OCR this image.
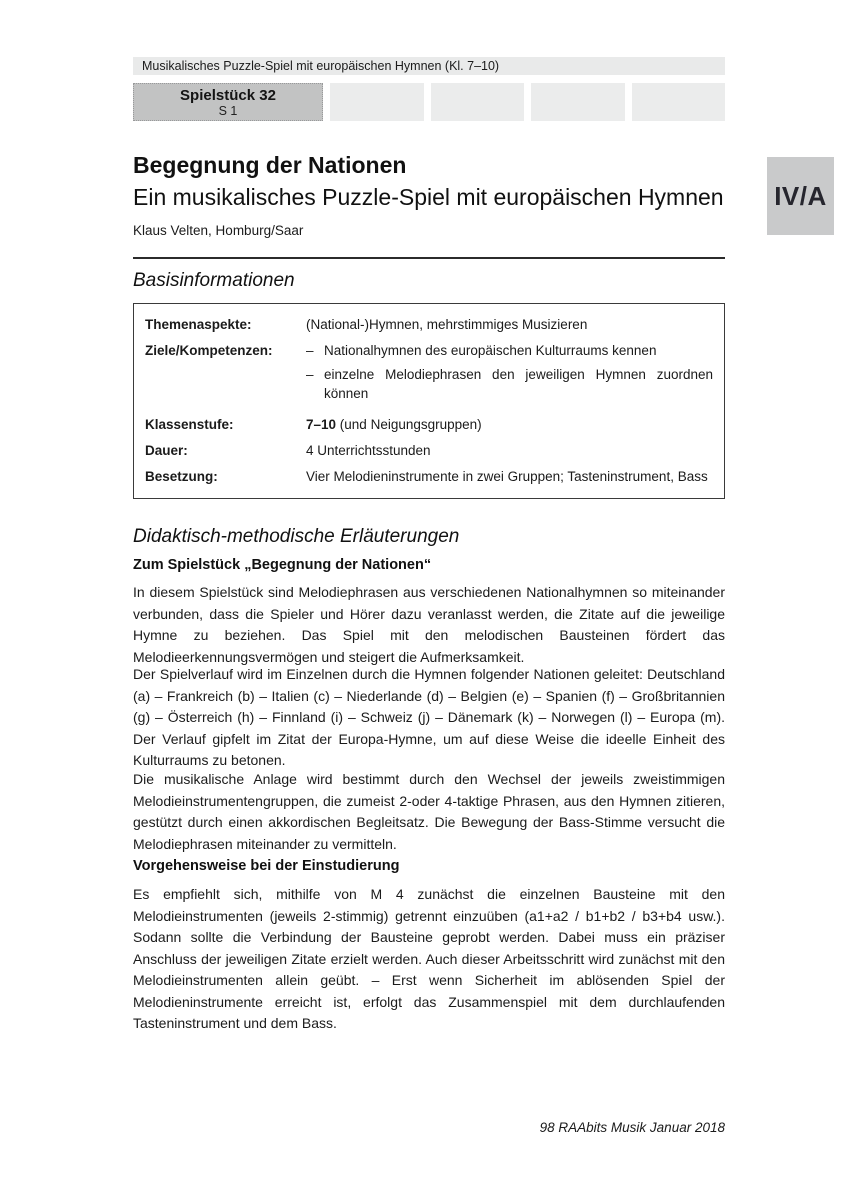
Musikalisches Puzzle-Spiel mit europäischen Hymnen (Kl. 7–10)
Spielstück 32
S 1
IV/A
Begegnung der Nationen
Ein musikalisches Puzzle-Spiel mit europäischen Hymnen
Klaus Velten, Homburg/Saar
Basisinformationen
Themenaspekte:	(National-)Hymnen, mehrstimmiges Musizieren
Ziele/Kompetenzen:	– Nationalhymnen des europäischen Kulturraums kennen
– einzelne Melodiephrasen den jeweiligen Hymnen zuordnen können
Klassenstufe:	7–10 (und Neigungsgruppen)
Dauer:	4 Unterrichtsstunden
Besetzung:	Vier Melodieninstrumente in zwei Gruppen; Tasteninstrument, Bass
Didaktisch-methodische Erläuterungen
Zum Spielstück „Begegnung der Nationen“

In diesem Spielstück sind Melodiephrasen aus verschiedenen Nationalhymnen so miteinander verbunden, dass die Spieler und Hörer dazu veranlasst werden, die Zitate auf die jeweilige Hymne zu beziehen. Das Spiel mit den melodischen Bausteinen fördert das Melodieerkennungsvermögen und steigert die Aufmerksamkeit.

Der Spielverlauf wird im Einzelnen durch die Hymnen folgender Nationen geleitet: Deutschland (a) – Frankreich (b) – Italien (c) – Niederlande (d) – Belgien (e) – Spanien (f) – Großbritannien (g) – Österreich (h) – Finnland (i) – Schweiz (j) – Dänemark (k) – Norwegen (l) – Europa (m). Der Verlauf gipfelt im Zitat der Europa-Hymne, um auf diese Weise die ideelle Einheit des Kulturraums zu betonen.

Die musikalische Anlage wird bestimmt durch den Wechsel der jeweils zweistimmigen Melodieinstrumentengruppen, die zumeist 2-oder 4-taktige Phrasen, aus den Hymnen zitieren, gestützt durch einen akkordischen Begleitsatz. Die Bewegung der Bass-Stimme versucht die Melodiephrasen miteinander zu vermitteln.

Vorgehensweise bei der Einstudierung

Es empfiehlt sich, mithilfe von M 4 zunächst die einzelnen Bausteine mit den Melodieinstrumenten (jeweils 2-stimmig) getrennt einzuüben (a1+a2 / b1+b2 / b3+b4 usw.). Sodann sollte die Verbindung der Bausteine geprobt werden. Dabei muss ein präziser Anschluss der jeweiligen Zitate erzielt werden. Auch dieser Arbeitsschritt wird zunächst mit den Melodieinstrumenten allein geübt. – Erst wenn Sicherheit im ablösenden Spiel der Melodieninstrumente erreicht ist, erfolgt das Zusammenspiel mit dem durchlaufenden Tasteninstrument und dem Bass.

98 RAAbits Musik Januar 2018
